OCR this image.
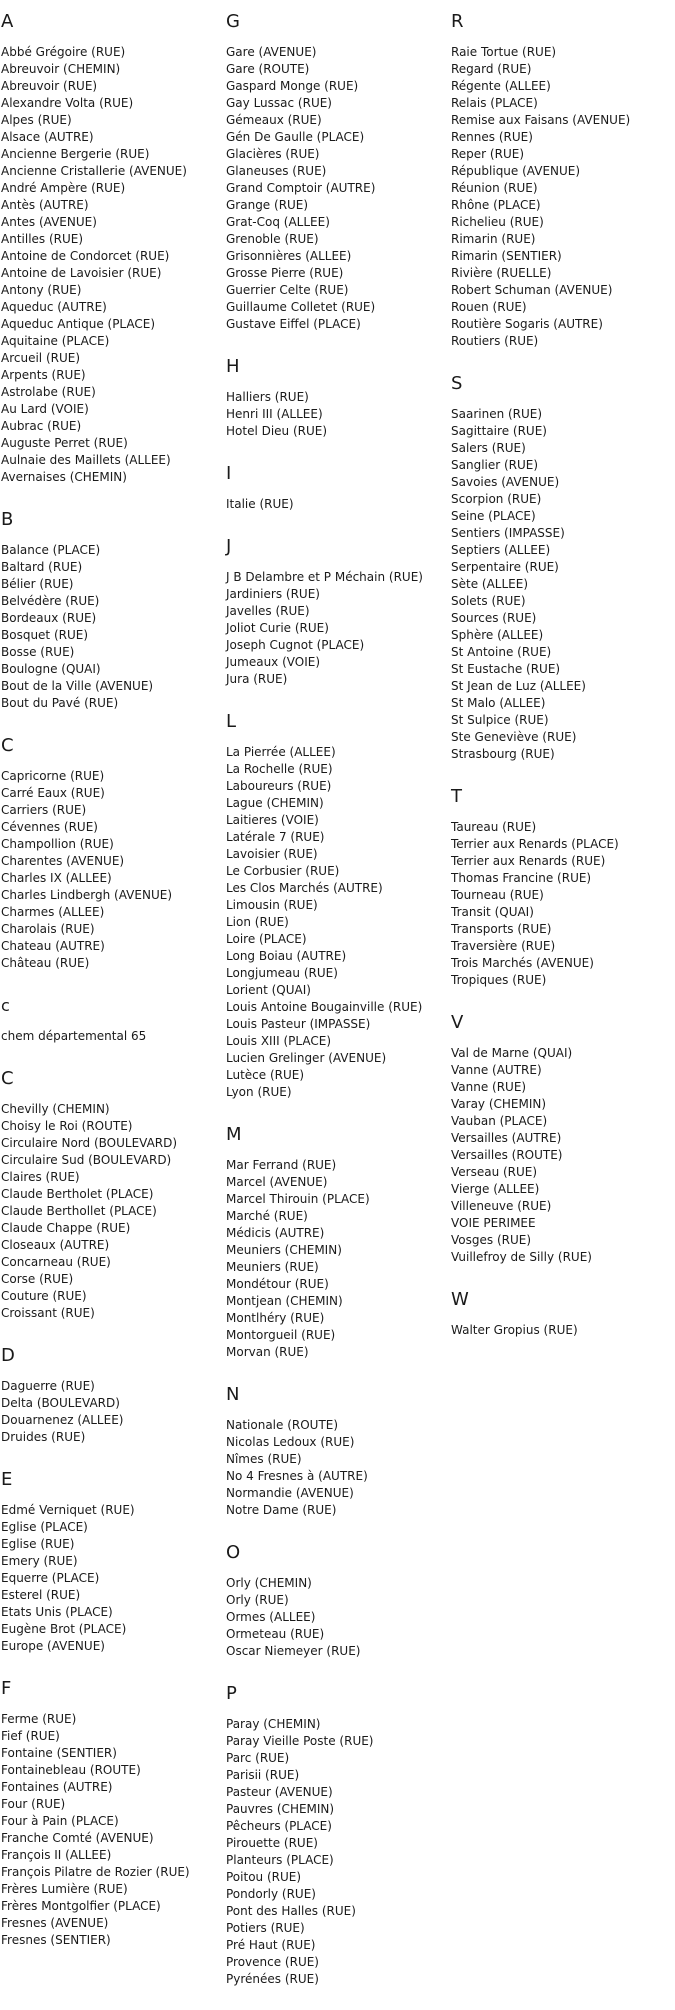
A
Abbé Grégoire (RUE)
Abreuvoir (CHEMIN)
Abreuvoir (RUE)
Alexandre Volta (RUE)
Alpes (RUE)
Alsace (AUTRE)
Ancienne Bergerie (RUE)
Ancienne Cristallerie (AVENUE)
André Ampère (RUE)
Antès (AUTRE)
Antes (AVENUE)
Antilles (RUE)
Antoine de Condorcet (RUE)
Antoine de Lavoisier (RUE)
Antony (RUE)
Aqueduc (AUTRE)
Aqueduc Antique (PLACE)
Aquitaine (PLACE)
Arcueil (RUE)
Arpents (RUE)
Astrolabe (RUE)
Au Lard (VOIE)
Aubrac (RUE)
Auguste Perret (RUE)
Aulnaie des Maillets (ALLEE)
Avernaises (CHEMIN)
B
Balance (PLACE)
Baltard (RUE)
Bélier (RUE)
Belvédère (RUE)
Bordeaux (RUE)
Bosquet (RUE)
Bosse (RUE)
Boulogne (QUAI)
Bout de la Ville (AVENUE)
Bout du Pavé (RUE)
C
Capricorne (RUE)
Carré Eaux (RUE)
Carriers (RUE)
Cévennes (RUE)
Champollion (RUE)
Charentes (AVENUE)
Charles IX (ALLEE)
Charles Lindbergh (AVENUE)
Charmes (ALLEE)
Charolais (RUE)
Chateau (AUTRE)
Château (RUE)
c
chem départemental 65
C
Chevilly (CHEMIN)
Choisy le Roi (ROUTE)
Circulaire Nord (BOULEVARD)
Circulaire Sud (BOULEVARD)
Claires (RUE)
Claude Bertholet (PLACE)
Claude Berthollet (PLACE)
Claude Chappe (RUE)
Closeaux (AUTRE)
Concarneau (RUE)
Corse (RUE)
Couture (RUE)
Croissant (RUE)
D
Daguerre (RUE)
Delta (BOULEVARD)
Douarnenez (ALLEE)
Druides (RUE)
E
Edmé Verniquet (RUE)
Eglise (PLACE)
Eglise (RUE)
Emery (RUE)
Equerre (PLACE)
Esterel (RUE)
Etats Unis (PLACE)
Eugène Brot (PLACE)
Europe (AVENUE)
F
Ferme (RUE)
Fief (RUE)
Fontaine (SENTIER)
Fontainebleau (ROUTE)
Fontaines (AUTRE)
Four (RUE)
Four à Pain (PLACE)
Franche Comté (AVENUE)
François II (ALLEE)
François Pilatre de Rozier (RUE)
Frères Lumière (RUE)
Frères Montgolfier (PLACE)
Fresnes (AVENUE)
Fresnes (SENTIER)
G
Gare (AVENUE)
Gare (ROUTE)
Gaspard Monge (RUE)
Gay Lussac (RUE)
Gémeaux (RUE)
Gén De Gaulle (PLACE)
Glacières (RUE)
Glaneuses (RUE)
Grand Comptoir (AUTRE)
Grange (RUE)
Grat-Coq (ALLEE)
Grenoble (RUE)
Grisonnières (ALLEE)
Grosse Pierre (RUE)
Guerrier Celte (RUE)
Guillaume Colletet (RUE)
Gustave Eiffel (PLACE)
H
Halliers (RUE)
Henri III (ALLEE)
Hotel Dieu (RUE)
I
Italie (RUE)
J
J B Delambre et P Méchain (RUE)
Jardiniers (RUE)
Javelles (RUE)
Joliot Curie (RUE)
Joseph Cugnot (PLACE)
Jumeaux (VOIE)
Jura (RUE)
L
La Pierrée (ALLEE)
La Rochelle (RUE)
Laboureurs (RUE)
Lague (CHEMIN)
Laitieres (VOIE)
Latérale 7 (RUE)
Lavoisier (RUE)
Le Corbusier (RUE)
Les Clos Marchés (AUTRE)
Limousin (RUE)
Lion (RUE)
Loire (PLACE)
Long Boiau (AUTRE)
Longjumeau (RUE)
Lorient (QUAI)
Louis Antoine Bougainville (RUE)
Louis Pasteur (IMPASSE)
Louis XIII (PLACE)
Lucien Grelinger (AVENUE)
Lutèce (RUE)
Lyon (RUE)
M
Mar Ferrand (RUE)
Marcel (AVENUE)
Marcel Thirouin (PLACE)
Marché (RUE)
Médicis (AUTRE)
Meuniers (CHEMIN)
Meuniers (RUE)
Mondétour (RUE)
Montjean (CHEMIN)
Montlhéry (RUE)
Montorgueil (RUE)
Morvan (RUE)
N
Nationale (ROUTE)
Nicolas Ledoux (RUE)
Nîmes (RUE)
No 4 Fresnes à (AUTRE)
Normandie (AVENUE)
Notre Dame (RUE)
O
Orly (CHEMIN)
Orly (RUE)
Ormes (ALLEE)
Ormeteau (RUE)
Oscar Niemeyer (RUE)
P
Paray (CHEMIN)
Paray Vieille Poste (RUE)
Parc (RUE)
Parisii (RUE)
Pasteur (AVENUE)
Pauvres (CHEMIN)
Pêcheurs (PLACE)
Pirouette (RUE)
Planteurs (PLACE)
Poitou (RUE)
Pondorly (RUE)
Pont des Halles (RUE)
Potiers (RUE)
Pré Haut (RUE)
Provence (RUE)
Pyrénées (RUE)
R
Raie Tortue (RUE)
Regard (RUE)
Régente (ALLEE)
Relais (PLACE)
Remise aux Faisans (AVENUE)
Rennes (RUE)
Reper (RUE)
République (AVENUE)
Réunion (RUE)
Rhône (PLACE)
Richelieu (RUE)
Rimarin (RUE)
Rimarin (SENTIER)
Rivière (RUELLE)
Robert Schuman (AVENUE)
Rouen (RUE)
Routière Sogaris (AUTRE)
Routiers (RUE)
S
Saarinen (RUE)
Sagittaire (RUE)
Salers (RUE)
Sanglier (RUE)
Savoies (AVENUE)
Scorpion (RUE)
Seine (PLACE)
Sentiers (IMPASSE)
Septiers (ALLEE)
Serpentaire (RUE)
Sète (ALLEE)
Solets (RUE)
Sources (RUE)
Sphère (ALLEE)
St Antoine (RUE)
St Eustache (RUE)
St Jean de Luz (ALLEE)
St Malo (ALLEE)
St Sulpice (RUE)
Ste Geneviève (RUE)
Strasbourg (RUE)
T
Taureau (RUE)
Terrier aux Renards (PLACE)
Terrier aux Renards (RUE)
Thomas Francine (RUE)
Tourneau (RUE)
Transit (QUAI)
Transports (RUE)
Traversière (RUE)
Trois Marchés (AVENUE)
Tropiques (RUE)
V
Val de Marne (QUAI)
Vanne (AUTRE)
Vanne (RUE)
Varay (CHEMIN)
Vauban (PLACE)
Versailles (AUTRE)
Versailles (ROUTE)
Verseau (RUE)
Vierge (ALLEE)
Villeneuve (RUE)
VOIE PERIMEE
Vosges (RUE)
Vuillefroy de Silly (RUE)
W
Walter Gropius (RUE)
